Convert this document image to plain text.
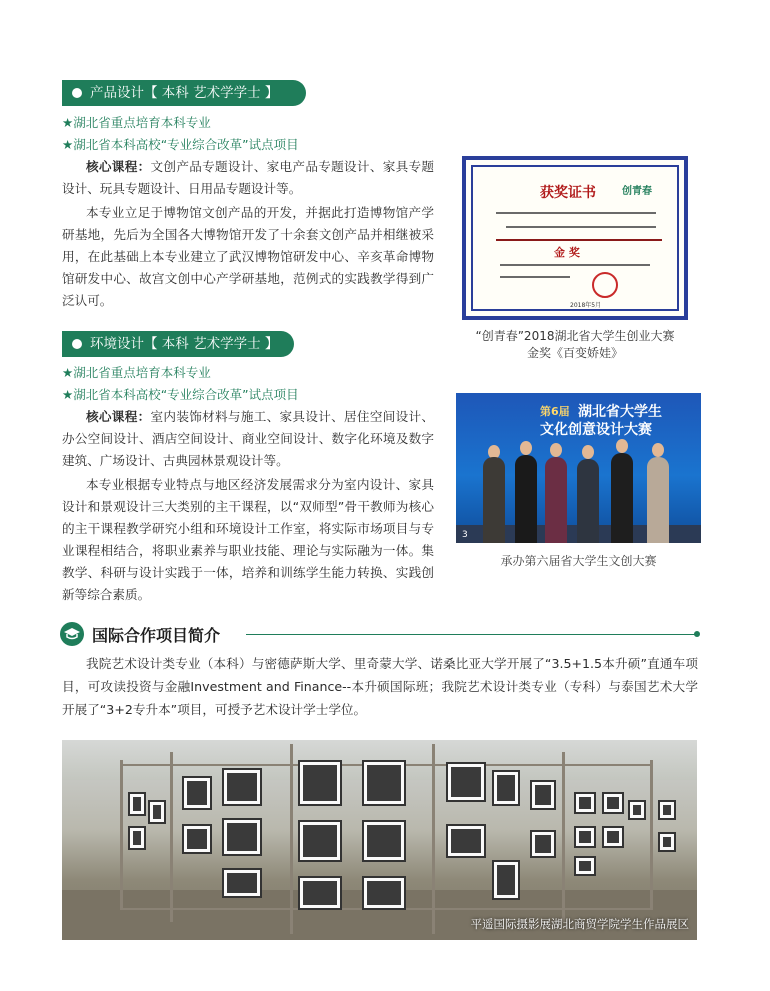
产品设计【 本科 艺术学学士 】
★湖北省重点培育本科专业
★湖北省本科高校“专业综合改革”试点项目
核心课程：文创产品专题设计、家电产品专题设计、家具专题设计、玩具专题设计、日用品专题设计等。
本专业立足于博物馆文创产品的开发，并据此打造博物馆产学研基地，先后为全国各大博物馆开发了十余套文创产品并相继被采用，在此基础上本专业建立了武汉博物馆研发中心、辛亥革命博物馆研发中心、故宫文创中心产学研基地，范例式的实践教学得到广泛认可。
获奖证书	创青春
金 奖
2018年5月
“创青春”2018湖北省大学生创业大赛
金奖《百变娇娃》
环境设计【 本科 艺术学学士 】
★湖北省重点培育本科专业
★湖北省本科高校“专业综合改革”试点项目
核心课程：室内装饰材料与施工、家具设计、居住空间设计、办公空间设计、酒店空间设计、商业空间设计、数字化环境及数字建筑、广场设计、古典园林景观设计等。
本专业根据专业特点与地区经济发展需求分为室内设计、家具设计和景观设计三大类别的主干课程，以“双师型”骨干教师为核心的主干课程教学研究小组和环境设计工作室，将实际市场项目与专业课程相结合，将职业素养与职业技能、理论与实际融为一体。集教学、科研与设计实践于一体，培养和训练学生能力转换、实践创新等综合素质。
第6届 湖北省大学生
文化创意设计大赛
3
承办第六届省大学生文创大赛
国际合作项目简介
我院艺术设计类专业（本科）与密德萨斯大学、里奇蒙大学、诺桑比亚大学开展了“3.5+1.5本升硕”直通车项目，可攻读投资与金融Investment and Finance--本升硕国际班；我院艺术设计类专业（专科）与泰国艺术大学开展了“3+2专升本”项目，可授予艺术设计学士学位。
平遥国际摄影展湖北商贸学院学生作品展区
